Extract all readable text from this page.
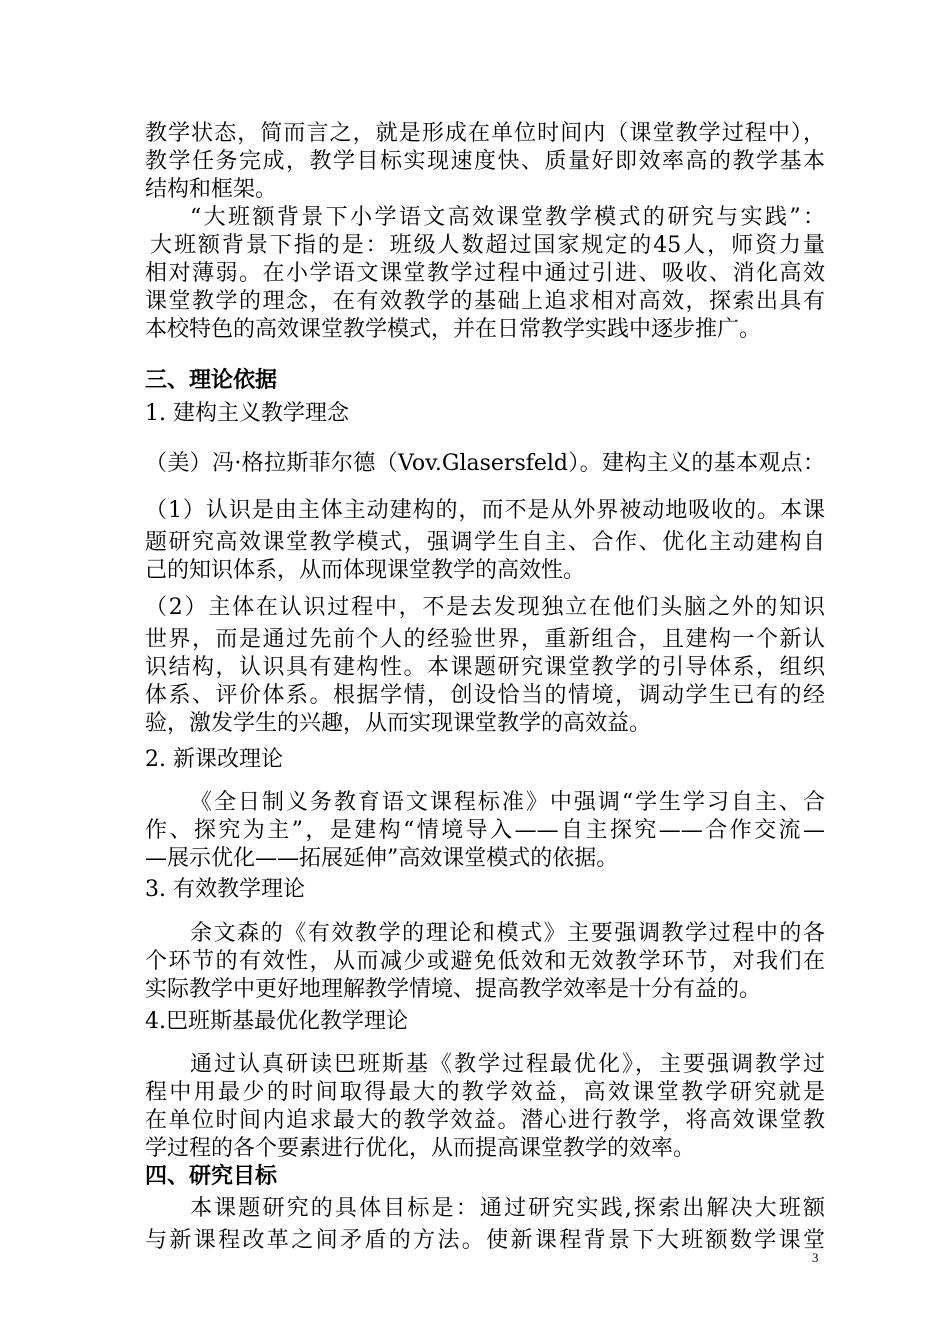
教学状态，简而言之，就是形成在单位时间内（课堂教学过程中），

教学任务完成，教学目标实现速度快、质量好即效率高的教学基本

结构和框架。

“大班额背景下小学语文高效课堂教学模式的研究与实践”：

大班额背景下指的是：班级人数超过国家规定的45人，师资力量

相对薄弱。在小学语文课堂教学过程中通过引进、吸收、消化高效

课堂教学的理念，在有效教学的基础上追求相对高效，探索出具有

本校特色的高效课堂教学模式，并在日常教学实践中逐步推广。

三、理论依据

1. 建构主义教学理念

（美）冯·格拉斯菲尔德（Vov.Glasersfeld）。建构主义的基本观点：

（1）认识是由主体主动建构的，而不是从外界被动地吸收的。本课

题研究高效课堂教学模式，强调学生自主、合作、优化主动建构自

己的知识体系，从而体现课堂教学的高效性。

（2）主体在认识过程中，不是去发现独立在他们头脑之外的知识

世界，而是通过先前个人的经验世界，重新组合，且建构一个新认

识结构，认识具有建构性。本课题研究课堂教学的引导体系，组织

体系、评价体系。根据学情，创设恰当的情境，调动学生已有的经

验，激发学生的兴趣，从而实现课堂教学的高效益。

2. 新课改理论

《全日制义务教育语文课程标准》中强调“学生学习自主、合

作、探究为主”，是建构“情境导入——自主探究——合作交流—

—展示优化——拓展延伸”高效课堂模式的依据。

3. 有效教学理论

余文森的《有效教学的理论和模式》主要强调教学过程中的各

个环节的有效性，从而减少或避免低效和无效教学环节，对我们在

实际教学中更好地理解教学情境、提高教学效率是十分有益的。

4.巴班斯基最优化教学理论

通过认真研读巴班斯基《教学过程最优化》，主要强调教学过

程中用最少的时间取得最大的教学效益，高效课堂教学研究就是

在单位时间内追求最大的教学效益。潜心进行教学，将高效课堂教

学过程的各个要素进行优化，从而提高课堂教学的效率。

四、研究目标

本课题研究的具体目标是：通过研究实践,探索出解决大班额

与新课程改革之间矛盾的方法。使新课程背景下大班额数学课堂

3
